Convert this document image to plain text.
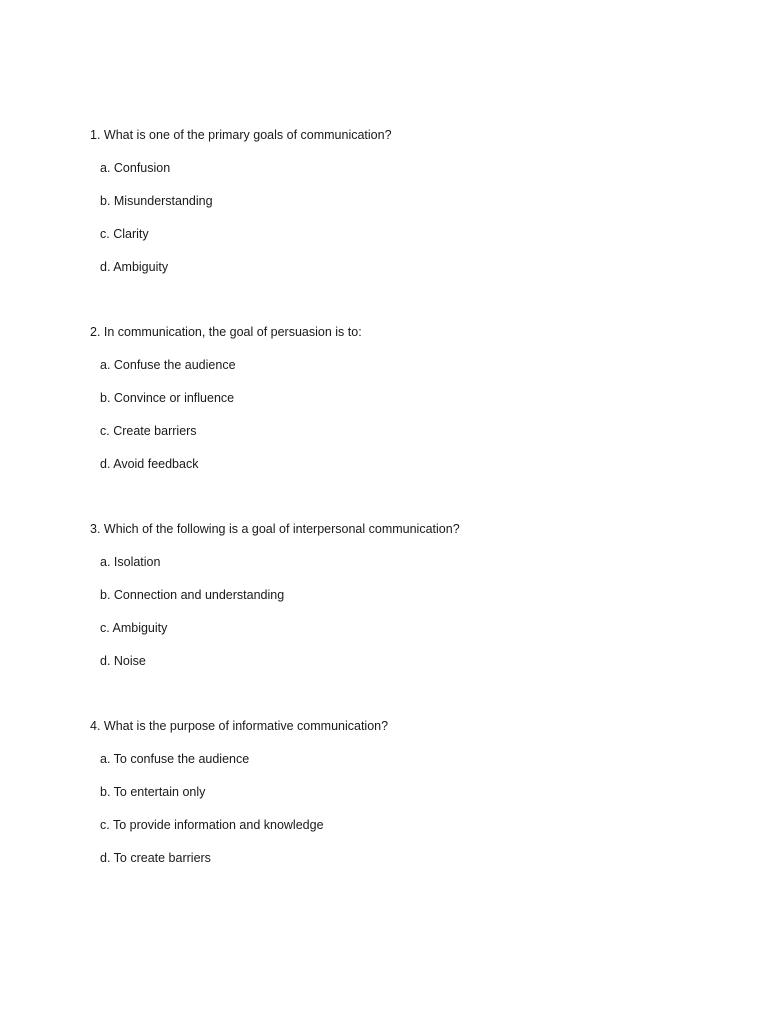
1. What is one of the primary goals of communication?
a. Confusion
b. Misunderstanding
c. Clarity
d. Ambiguity
2. In communication, the goal of persuasion is to:
a. Confuse the audience
b. Convince or influence
c. Create barriers
d. Avoid feedback
3. Which of the following is a goal of interpersonal communication?
a. Isolation
b. Connection and understanding
c. Ambiguity
d. Noise
4. What is the purpose of informative communication?
a. To confuse the audience
b. To entertain only
c. To provide information and knowledge
d. To create barriers
